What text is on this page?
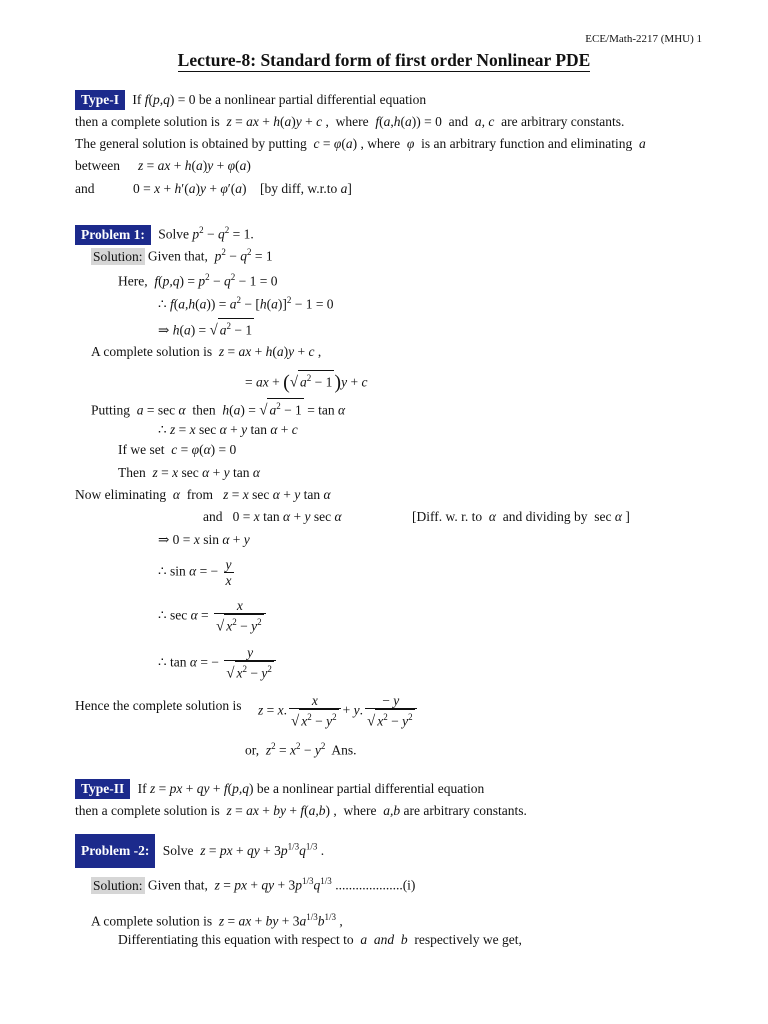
ECE/Math-2217 (MHU) 1
Lecture-8: Standard form of first order Nonlinear PDE
Type-I If f(p,q) = 0 be a nonlinear partial differential equation
then a complete solution is z = ax + h(a)y + c ,  where f(a,h(a)) = 0  and a, c are arbitrary constants.
The general solution is obtained by putting c = φ(a) , where φ is an arbitrary function and eliminating a
between z = ax + h(a)y + φ(a)
and	0 = x + h′(a)y + φ′(a)    [by diff, w.r.to a]
Problem 1: Solve $p^2 - q^2 = 1$.
Solution: Given that, $p^2 - q^2 = 1$
Here, $f(p,q) = p^2 - q^2 - 1 = 0$
∴ $f(a,h(a)) = a^2 - [h(a)]^2 - 1 = 0$
⇒ h(a) = √ $a^2 - 1$
A complete solution is z = ax + h(a)y + c ,
= ax + (√ $a^2 - 1$ )y + c
Putting a = sec α then h(a) = √ $a^2 - 1 = \tan \alpha$
∴ z = x sec α + y tan α + c
If we set c = φ(α) = 0
Then z = x sec α + y tan α
Now eliminating α from z = x sec α + y tan α
and   0 = x tan α + y sec α	[Diff. w. r. to α and dividing by  sec α ]
⇒ 0 = x sin α + y
∴ sin α = − $\frac{y}{x}$
∴ $\sec \alpha = \frac{x}{√ x^2 - y^2}$
∴ tan α = − $\frac{y}{√ x^2 - y^2}$
Hence the complete solution is z = x. $\frac{x}{√ x^2 - y^2} + y$. $\frac{- y}{√ x^2 - y^2}$
or, $z^2 = x^2 - y^2$ Ans.
Type-II If z = px + qy + f(p,q) be a nonlinear partial differential equation
then a complete solution is z = ax + by + f(a,b) ,  where a,b are arbitrary constants.
Problem -2: Solve z = px + qy + $3p^{1/3}q^{1/3}$ .
Solution: Given that, z = px + qy + $3p^{1/3}q^{1/3}$ ....................(i)
A complete solution is z = ax + by + $3a^{1/3}b^{1/3}$ ,
Differentiating this equation with respect to a and b respectively we get,
